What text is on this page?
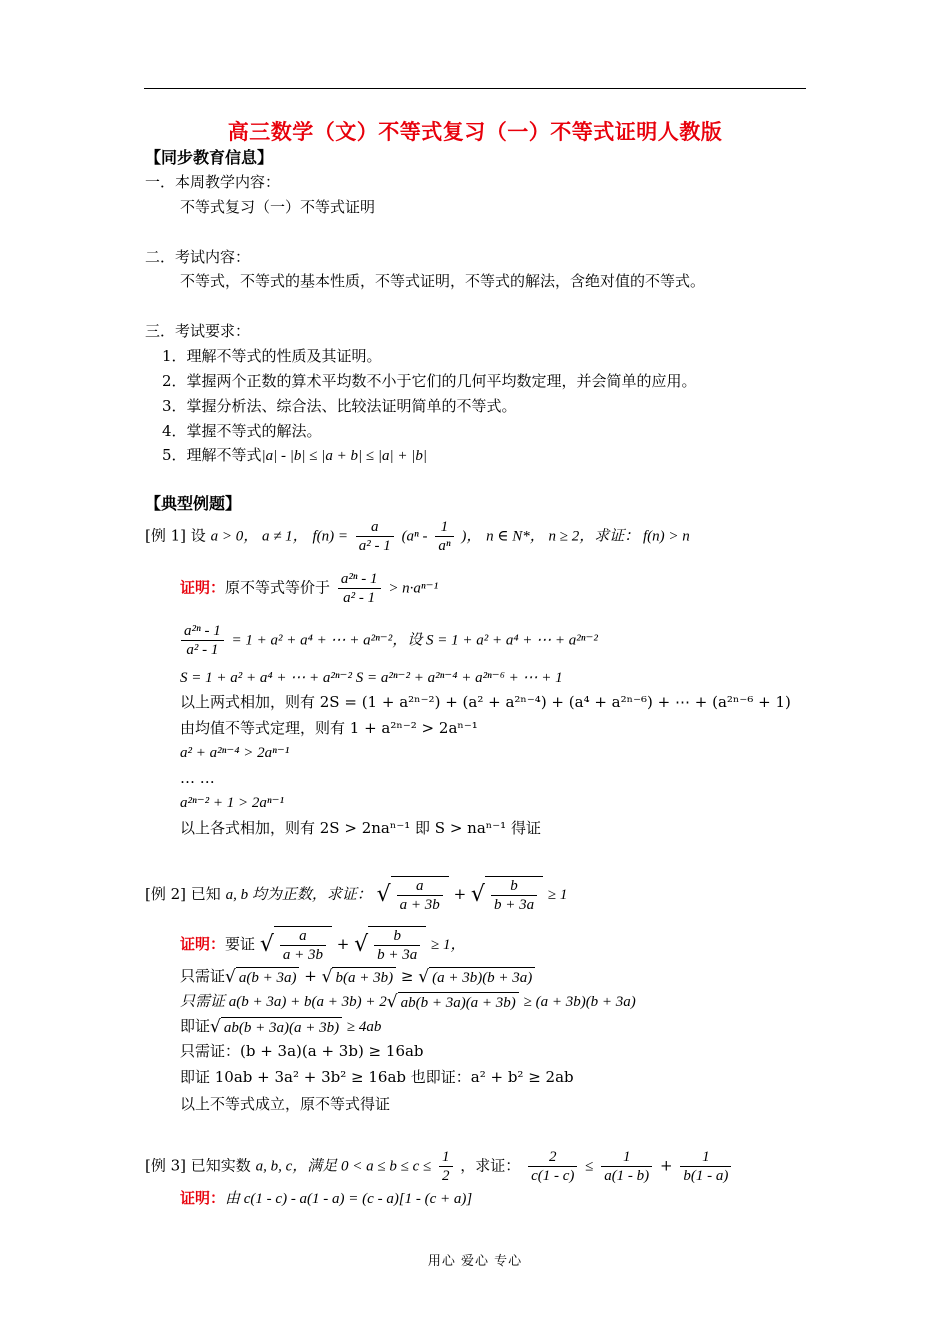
高三数学（文）不等式复习（一）不等式证明人教版
【同步教育信息】
一．本周教学内容：
不等式复习（一）不等式证明
二．考试内容：
不等式，不等式的基本性质，不等式证明，不等式的解法，含绝对值的不等式。
三．考试要求：
1．理解不等式的性质及其证明。
2．掌握两个正数的算术平均数不小于它们的几何平均数定理，并会简单的应用。
3．掌握分析法、综合法、比较法证明简单的不等式。
4．掌握不等式的解法。
5．理解不等式|a| - |b| ≤ |a + b| ≤ |a| + |b|
【典型例题】
[例 1] 设 a > 0， a ≠ 1， $f(n) = \frac{a}{\text{a² - 1}} (a^n - \frac{1}{\text{aⁿ}}$ )， n ∈ N*， n ≥ 2，求证： f(n) > n
证明：原不等式等价于 $\frac{\text{a²ⁿ - 1}}{\text{a² - 1}} > n\cdot a^{n-1}$
$\frac{\text{a²ⁿ - 1}}{\text{a² - 1}} = 1 + a^2 + a^4$ + ⋯ + a²ⁿ⁻²，设 S = 1 + a² + a⁴ + ⋯ + a²ⁿ⁻²
S = 1 + a² + a⁴ + ⋯ + a²ⁿ⁻² S = a²ⁿ⁻² + a²ⁿ⁻⁴ + a²ⁿ⁻⁶ + ⋯ + 1
以上两式相加，则有 2S = (1 + a²ⁿ⁻²) + (a² + a²ⁿ⁻⁴) + (a⁴ + a²ⁿ⁻⁶) + ⋯ + (a²ⁿ⁻⁶ + 1)
由均值不等式定理，则有 1 + a²ⁿ⁻² > 2aⁿ⁻¹
a² + a²ⁿ⁻⁴ > 2aⁿ⁻¹
… …
a²ⁿ⁻² + 1 > 2aⁿ⁻¹
以上各式相加，则有 2S > 2naⁿ⁻¹ 即 S > naⁿ⁻¹ 得证
[例 2] 已知 a, b 均为正数，求证： √ $\frac{a}{a + 3b}$ + √ $\frac{b}{b + 3a} \ge 1$
证明：要证 √ $\frac{a}{a + 3b}$ + √ $\frac{b}{b + 3a} \ge 1$，
只需证√ a(b + 3a) + √ b(a + 3b) ≥ √ (a + 3b)(b + 3a)
只需证 a(b + 3a) + b(a + 3b) + 2√ ab(b + 3a)(a + 3b) ≥ (a + 3b)(b + 3a)
即证√ ab(b + 3a)(a + 3b) ≥ 4ab
只需证：(b + 3a)(a + 3b) ≥ 16ab
即证 10ab + 3a² + 3b² ≥ 16ab 也即证：a² + b² ≥ 2ab
以上不等式成立，原不等式得证
[例 3] 已知实数 a, b, c，满足 $0 < a \le b \le c \le \frac{1}{2}$ ，求证： $\frac{2}{c(1 - c)} \le \frac{1}{a(1 - b)} + \frac{1}{b(1 - a)}$
证明：由 c(1 - c) - a(1 - a) = (c - a)[1 - (c + a)]
用心 爱心 专心
